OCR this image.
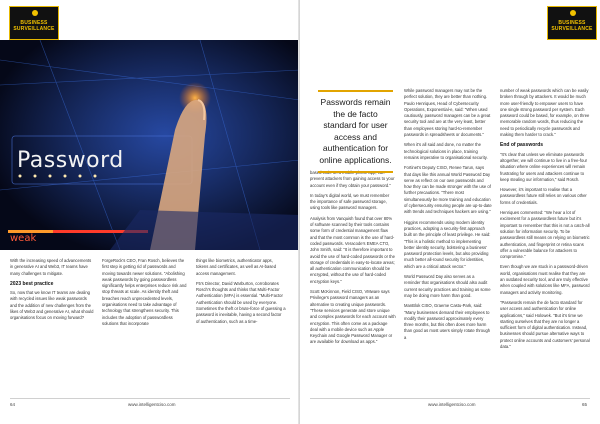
BUSINESS
SURVEILLANCE
Password
weak

With the increasing speed of advancements in generative AI and Web3, IT teams have many challenges to mitigate.

2023 best practice

So, now that we know IT teams are dealing with recycled issues like weak passwords and the addition of new challenges from the likes of Web3 and generative AI, what should organisations focus on moving forward?

ForgeRock's CEO, Fran Rosch, believes the first step is getting rid of passwords and moving towards newer solutions. "Abolishing weak passwords by going passwordless significantly helps enterprises reduce risk and stop threats at scale. As identity theft and breaches reach unprecedented levels, organisations need to take advantage of technology that strengthens security. This includes the adoption of passwordless solutions that incorporate

things like biometrics, authenticator apps, tokens and certificates, as well as AI-based access management.

F5's Director, David Warburton, corroborates Rosch's thoughts and thinks that Multi-Factor Authentication (MFA) is essential. "Multi-Factor Authentication should be used by everyone. Sometimes the theft or brute-force of guessing a password is inevitable, having a second factor of authentication, such as a time-

64	www.intelligentciso.com
BUSINESS
SURVEILLANCE

based code on a mobile phone app, can prevent attackers from gaining access to your account even if they obtain your password."

In today's digital world, we must remember the importance of safe password storage, using tools like password managers.

Analysis from Vanquish found that over 80% of software scanned by their tools contains some form of credential management flaw and that the most common is the use of hard-coded passwords. Veracode's EMEA CTO, John Smith, said: "It is therefore important to avoid the use of hard-coded passwords or the storage of credentials in easy-to-locate areas; all authentication communication should be encrypted, without the use of hard-coded encryption keys."

Scott McKinnon, Field CISO, VMware says Privilege's password managers as an alternative to creating unique passwords. "These services generate and store unique and complex passwords for each account with encryption. This often come as a package deal with a mobile device such as Apple Keychain and Google Password Manager or are available for download as apps."

While password managers may not be the perfect solution, they are better than nothing. Paulo Henriques, Head of Cybersecurity Operations, Exponential-e, said: "When used cautiously, password managers can be a great security tool and are at the very least, better than employees storing hard-to-remember passwords in spreadsheets or documents."

When it's all said and done, no matter the technological solutions in place, training remains imperative to organisational security.

Fortinet's Deputy CISO, Renee Tarun, says that days like this annual World Password Day serve as reflect on our own passwords and how they can be made stronger with the use of further precautions. "There most simultaneously be more training and education of cybersecurity ensuring people are up-to-date with trends and techniques hackers are using."

Higgins recommends using modern identity practices, adopting a security-first approach built on the principle of least privilege. He said: "This is a holistic method to implementing better identity security, bolstering a business' password protection levels, but also providing much better all-round security for identities, which are a critical attack vector."

World Password Day also serves as a reminder that organisations should also audit current security practices and training as some may be doing more harm than good.

ManBlok CISO, Graeme Castu-Park, said: "Many businesses demand their employees to modify their password approximately every three months, but this often does more harm than good as most users simply rotate through a

number of weak passwords which can be easily broken through by attackers. It would be much more user-friendly to empower users to have one single strong password per system. Each password could be based, for example, on three memorable random words, thus reducing the need to periodically recycle passwords and making them harder to crack."

End of passwords

"It's clear that unless we eliminate passwords altogether, we will continue to live in a free-four situation where online experiences will remain frustrating for users and attackers continue to keep stealing our information," said Rosch.

However, it's important to realise that a passwordless future still relies on various other forms of credentials.

Henriques commented: "We hear a lot of excitement for a passwordless future but it's important to remember that this is not a catch-all solution for information security. To be passwordless still means on relying on biometric authentication, and fingerprint or retina scans offer a vulnerable balance for attackers to compromise."

Even though we are stuck in a password-driven world, organisations must realise that they are an outdated security tool, and are truly effective when coupled with solutions like MFA, password managers and activity monitoring.

"Passwords remain the de facto standard for user access and authentication for online applications," said Holowek. "But it's time we starting ourselves that they are no longer a sufficient form of digital authentication. Instead, businesses should pursue alternative ways to protect online accounts and customers' personal data."

www.intelligentciso.com	65
Passwords remain the de facto standard for user access and authentication for online applications.
